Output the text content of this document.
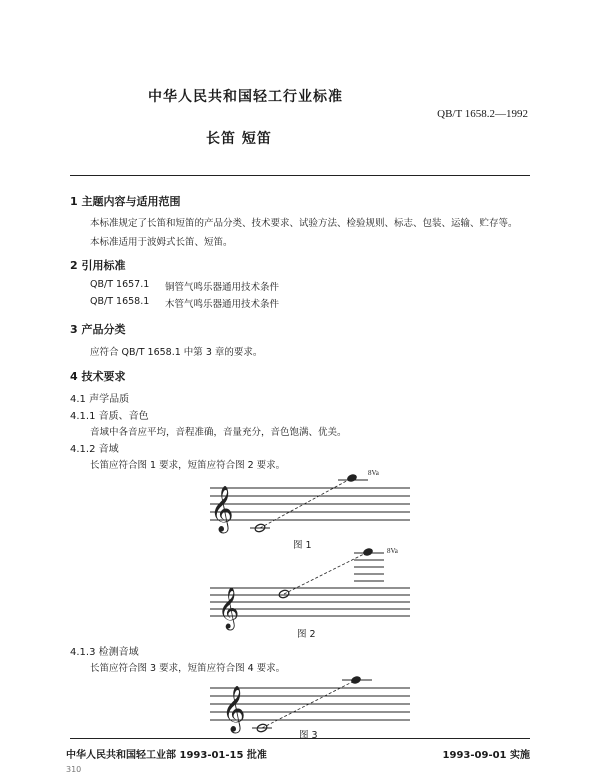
中华人民共和国轻工行业标准
QB/T 1658.2—1992
长笛 短笛
1 主题内容与适用范围
本标准规定了长笛和短笛的产品分类、技术要求、试验方法、检验规则、标志、包装、运输、贮存等。
本标准适用于波姆式长笛、短笛。
2 引用标准
QB/T 1657.1 铜管气鸣乐器通用技术条件
QB/T 1658.1 木管气鸣乐器通用技术条件
3 产品分类
应符合 QB/T 1658.1 中第 3 章的要求。
4 技术要求
4.1 声学品质
4.1.1 音质、音色
音域中各音应平均，音程准确，音量充分，音色饱满、优美。
4.1.2 音域
长笛应符合图 1 要求，短笛应符合图 2 要求。
𝄞
8Va
图 1
𝄞
8Va
图 2
4.1.3 检测音域
长笛应符合图 3 要求，短笛应符合图 4 要求。
𝄞
图 3
中华人民共和国轻工业部 1993-01-15 批准	1993-09-01 实施
310
